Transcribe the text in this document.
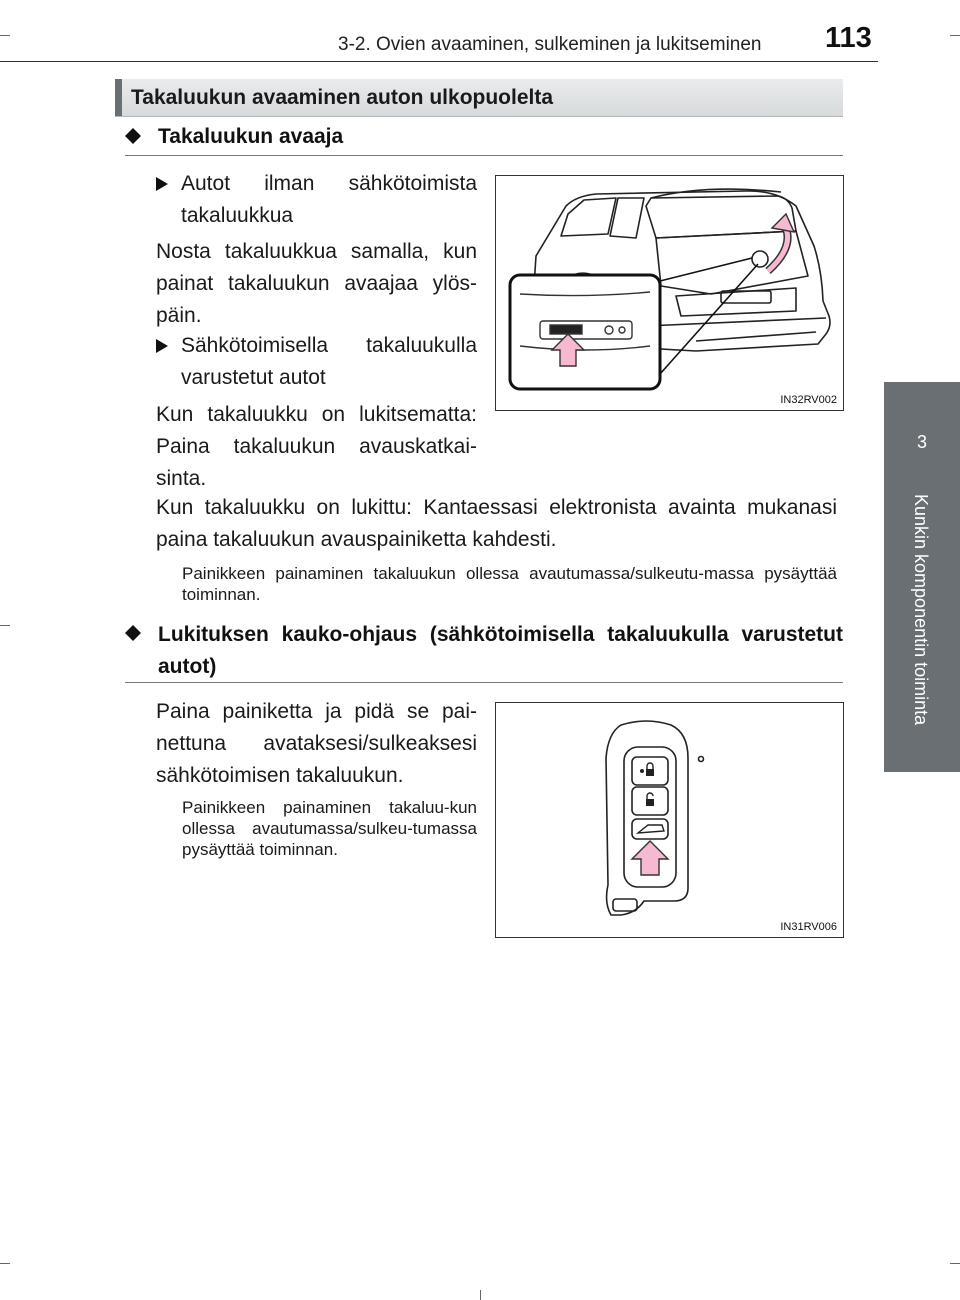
3-2. Ovien avaaminen, sulkeminen ja lukitseminen 113
3
Kunkin komponentin toiminta
Takaluukun avaaminen auton ulkopuolelta
Takaluukun avaaja
Autot ilman sähkötoimista takaluukkua
Nosta takaluukkua samalla, kun painat takaluukun avaajaa ylös-päin.
Sähkötoimisella takaluukulla varustetut autot
Kun takaluukku on lukitsematta: Paina takaluukun avauskatkai-sinta.
Kun takaluukku on lukittu: Kantaessasi elektronista avainta mukanasi paina takaluukun avauspainiketta kahdesti.
Painikkeen painaminen takaluukun ollessa avautumassa/sulkeutu-massa pysäyttää toiminnan.
IN32RV002
Lukituksen kauko-ohjaus (sähkötoimisella takaluukulla varustetut autot)
Paina painiketta ja pidä se pai-nettuna avataksesi/sulkeaksesi sähkötoimisen takaluukun.
Painikkeen painaminen takaluu-kun ollessa avautumassa/sulkeu-tumassa pysäyttää toiminnan.
IN31RV006
